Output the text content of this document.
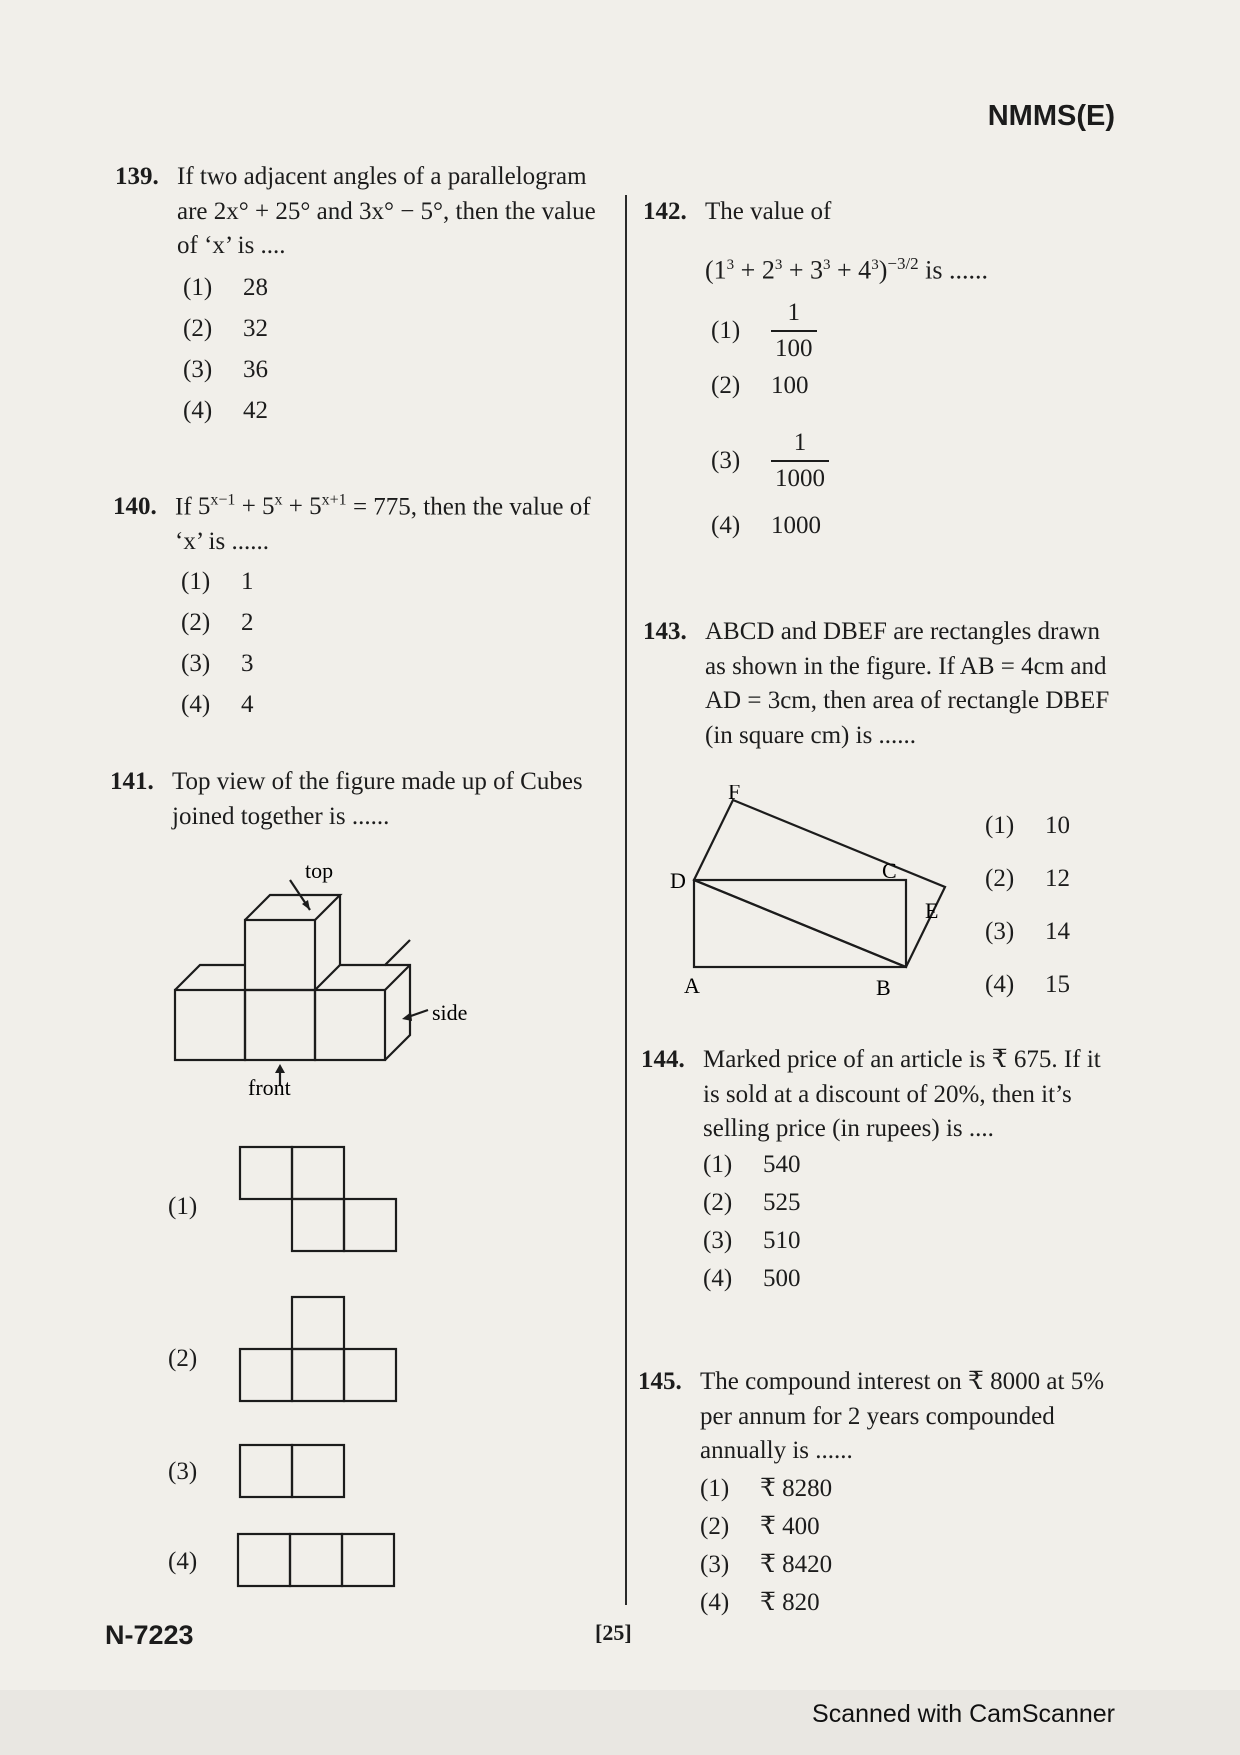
NMMS(E)
139. If two adjacent angles of a parallelogram are 2x° + 25° and 3x° − 5°, then the value of ‘x’ is ....
(1)	28
(2)	32
(3)	36
(4)	42
140. If $5^{x-1} + 5^x + 5^{x+1} = 775$, then the value of ‘x’ is ......
(1)	1
(2)	2
(3)	3
(4)	4
141. Top view of the figure made up of Cubes joined together is ......
top
side
front
(1)
(2)
(3)
(4)
142. The value of
$(1^3 + 2^3 + 3^3 + 4^3)^{-3/2}$ is ......
(1)	$\frac{1}{100}$
(2)	100
(3)	$\frac{1}{1000}$
(4)	1000
143. ABCD and DBEF are rectangles drawn as shown in the figure. If AB = 4cm and AD = 3cm, then area of rectangle DBEF (in square cm) is ......
F
D	C
E
A	B
(1)	10
(2)	12
(3)	14
(4)	15
144. Marked price of an article is ₹ 675. If it is sold at a discount of 20%, then it’s selling price (in rupees) is ....
(1)	540
(2)	525
(3)	510
(4)	500
145. The compound interest on ₹ 8000 at 5% per annum for 2 years compounded annually is ......
(1)	₹ 8280
(2)	₹ 400
(3)	₹ 8420
(4)	₹ 820
N-7223	[25]
Scanned with CamScanner
